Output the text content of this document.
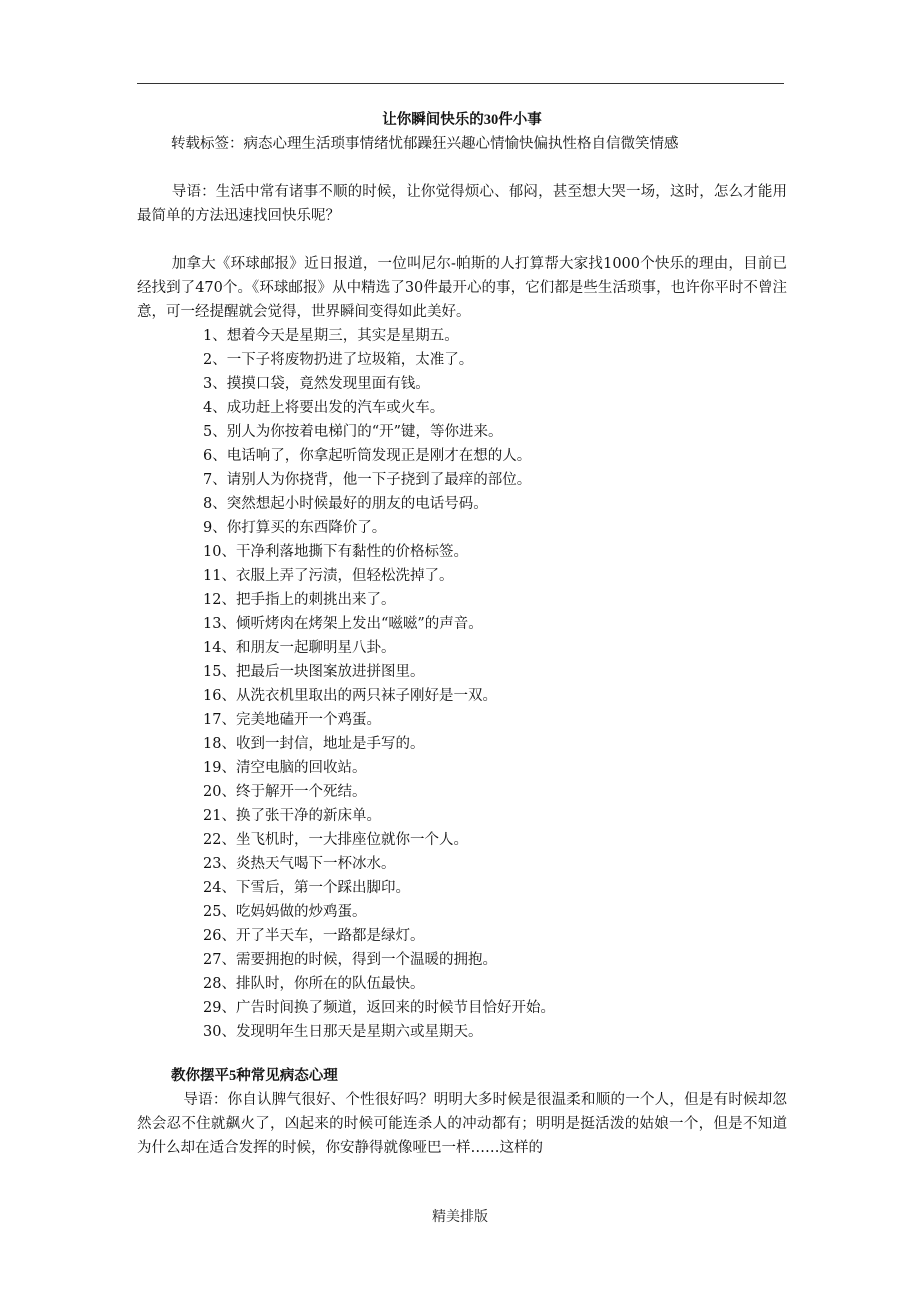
让你瞬间快乐的30件小事
转载标签：病态心理生活琐事情绪忧郁躁狂兴趣心情愉快偏执性格自信微笑情感
导语：生活中常有诸事不顺的时候，让你觉得烦心、郁闷，甚至想大哭一场，这时，怎么才能用最简单的方法迅速找回快乐呢？
加拿大《环球邮报》近日报道，一位叫尼尔-帕斯的人打算帮大家找1000个快乐的理由，目前已经找到了470个。《环球邮报》从中精选了30件最开心的事，它们都是些生活琐事，也许你平时不曾注意，可一经提醒就会觉得，世界瞬间变得如此美好。
1、想着今天是星期三，其实是星期五。
2、一下子将废物扔进了垃圾箱，太准了。
3、摸摸口袋，竟然发现里面有钱。
4、成功赶上将要出发的汽车或火车。
5、别人为你按着电梯门的“开”键，等你进来。
6、电话响了，你拿起听筒发现正是刚才在想的人。
7、请别人为你挠背，他一下子挠到了最痒的部位。
8、突然想起小时候最好的朋友的电话号码。
9、你打算买的东西降价了。
10、干净利落地撕下有黏性的价格标签。
11、衣服上弄了污渍，但轻松洗掉了。
12、把手指上的刺挑出来了。
13、倾听烤肉在烤架上发出“嗞嗞”的声音。
14、和朋友一起聊明星八卦。
15、把最后一块图案放进拼图里。
16、从洗衣机里取出的两只袜子刚好是一双。
17、完美地磕开一个鸡蛋。
18、收到一封信，地址是手写的。
19、清空电脑的回收站。
20、终于解开一个死结。
21、换了张干净的新床单。
22、坐飞机时，一大排座位就你一个人。
23、炎热天气喝下一杯冰水。
24、下雪后，第一个踩出脚印。
25、吃妈妈做的炒鸡蛋。
26、开了半天车，一路都是绿灯。
27、需要拥抱的时候，得到一个温暖的拥抱。
28、排队时，你所在的队伍最快。
29、广告时间换了频道，返回来的时候节目恰好开始。
30、发现明年生日那天是星期六或星期天。
教你摆平5种常见病态心理
导语：你自认脾气很好、个性很好吗？明明大多时候是很温柔和顺的一个人，但是有时候却忽然会忍不住就飙火了，凶起来的时候可能连杀人的冲动都有；明明是挺活泼的姑娘一个，但是不知道为什么却在适合发挥的时候，你安静得就像哑巴一样……这样的
精美排版
